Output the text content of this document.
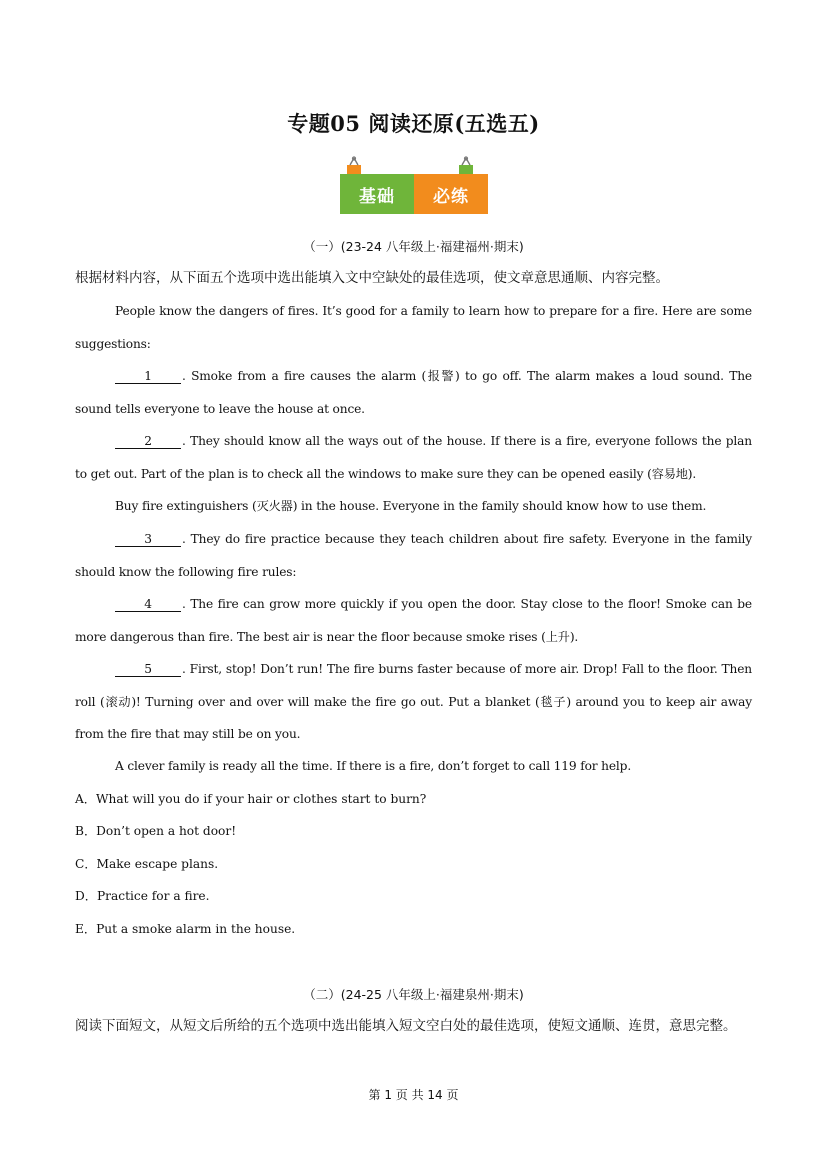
专题05 阅读还原(五选五)
基础 必练
（一）(23-24 八年级上·福建福州·期末)
根据材料内容，从下面五个选项中选出能填入文中空缺处的最佳选项，使文章意思通顺、内容完整。
People know the dangers of fires. It’s good for a family to learn how to prepare for a fire. Here are some suggestions:
1 . Smoke from a fire causes the alarm (报警) to go off. The alarm makes a loud sound. The sound tells everyone to leave the house at once.
2 . They should know all the ways out of the house. If there is a fire, everyone follows the plan to get out. Part of the plan is to check all the windows to make sure they can be opened easily (容易地).
Buy fire extinguishers (灭火器) in the house. Everyone in the family should know how to use them.
3 . They do fire practice because they teach children about fire safety. Everyone in the family should know the following fire rules:
4 . The fire can grow more quickly if you open the door. Stay close to the floor! Smoke can be more dangerous than fire. The best air is near the floor because smoke rises (上升).
5 . First, stop! Don’t run! The fire burns faster because of more air. Drop! Fall to the floor. Then roll (滚动)! Turning over and over will make the fire go out. Put a blanket (毯子) around you to keep air away from the fire that may still be on you.
A clever family is ready all the time. If there is a fire, don’t forget to call 119 for help.
A．What will you do if your hair or clothes start to burn?
B．Don’t open a hot door!
C．Make escape plans.
D．Practice for a fire.
E．Put a smoke alarm in the house.
（二）(24-25 八年级上·福建泉州·期末)
阅读下面短文，从短文后所给的五个选项中选出能填入短文空白处的最佳选项，使短文通顺、连贯，意思完整。
第 1 页 共 14 页
